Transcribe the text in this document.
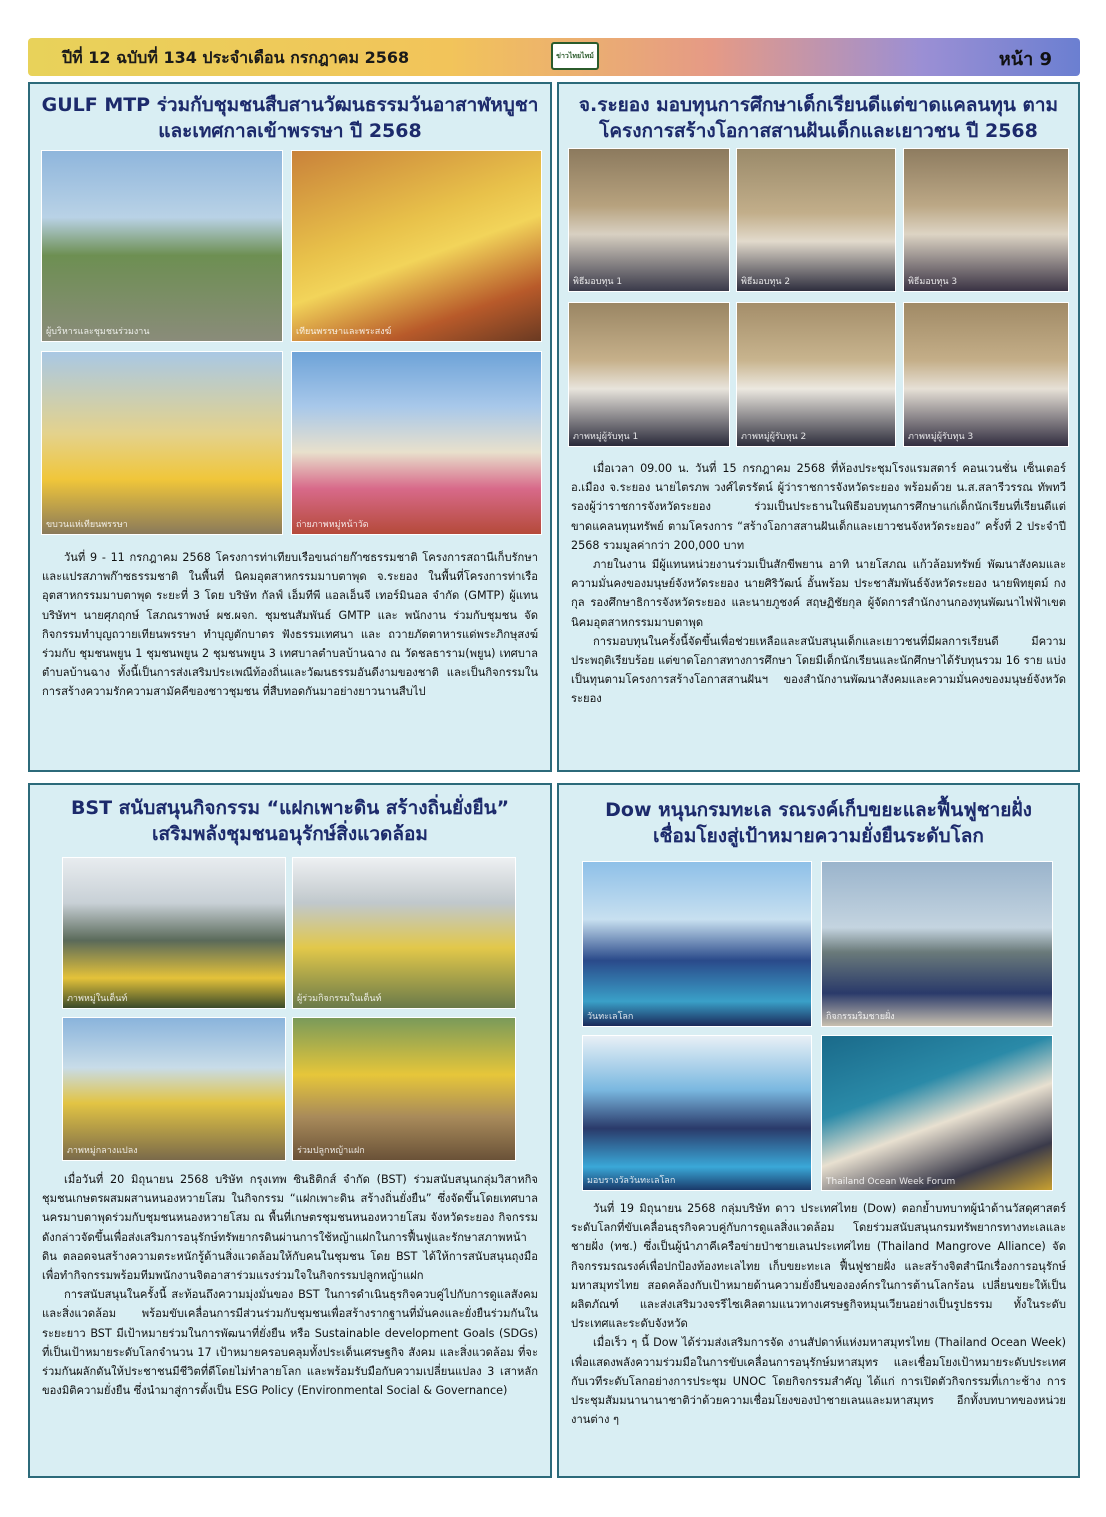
ปีที่ 12 ฉบับที่ 134 ประจำเดือน กรกฎาคม 2568	ข่าวไทยไทม์	หน้า 9
GULF MTP ร่วมกับชุมชนสืบสานวัฒนธรรมวันอาสาฬหบูชา
และเทศกาลเข้าพรรษา ปี 2568
ผู้บริหารและชุมชนร่วมงาน	เทียนพรรษาและพระสงฆ์
ขบวนแห่เทียนพรรษา	ถ่ายภาพหมู่หน้าวัด

วันที่ 9 - 11 กรกฎาคม 2568 โครงการท่าเทียบเรือขนถ่ายก๊าซธรรมชาติ โครงการสถานีเก็บรักษาและแปรสภาพก๊าซธรรมชาติ ในพื้นที่ นิคมอุตสาหกรรมมาบตาพุด จ.ระยอง ในพื้นที่โครงการท่าเรืออุตสาหกรรมมาบตาพุด ระยะที่ 3 โดย บริษัท กัลฟ์ เอ็มทีพี แอลเอ็นจี เทอร์มินอล จำกัด (GMTP) ผู้แทนบริษัทฯ นายศุภฤกษ์ โสภณราพงษ์ ผช.ผจก. ชุมชนสัมพันธ์ GMTP และ พนักงาน ร่วมกับชุมชน จัดกิจกรรมทำบุญถวายเทียนพรรษา ทำบุญตักบาตร ฟังธรรมเทศนา และ ถวายภัตตาหารแด่พระภิกษุสงฆ์ ร่วมกับ ชุมชนพยูน 1 ชุมชนพยูน 2 ชุมชนพยูน 3 เทศบาลตำบลบ้านฉาง ณ วัดชลธาราม(พยูน) เทศบาลตำบลบ้านฉาง ทั้งนี้เป็นการส่งเสริมประเพณีท้องถิ่นและวัฒนธรรมอันดีงามของชาติ และเป็นกิจกรรมในการสร้างความรักความสามัคคีของชาวชุมชน ที่สืบทอดกันมาอย่างยาวนานสืบไป

จ.ระยอง มอบทุนการศึกษาเด็กเรียนดีแต่ขาดแคลนทุน ตาม
โครงการสร้างโอกาสสานฝันเด็กและเยาวชน ปี 2568
พิธีมอบทุน 1	พิธีมอบทุน 2	พิธีมอบทุน 3
ภาพหมู่ผู้รับทุน 1	ภาพหมู่ผู้รับทุน 2	ภาพหมู่ผู้รับทุน 3

เมื่อเวลา 09.00 น. วันที่ 15 กรกฎาคม 2568 ที่ห้องประชุมโรงแรมสตาร์ คอนเวนชั่น เซ็นเตอร์ อ.เมือง จ.ระยอง นายไตรภพ วงศ์ไตรรัตน์ ผู้ว่าราชการจังหวัดระยอง พร้อมด้วย น.ส.สลารีวรรณ ทัพทวี รองผู้ว่าราชการจังหวัดระยอง ร่วมเป็นประธานในพิธีมอบทุนการศึกษาแก่เด็กนักเรียนที่เรียนดีแต่ขาดแคลนทุนทรัพย์ ตามโครงการ “สร้างโอกาสสานฝันเด็กและเยาวชนจังหวัดระยอง” ครั้งที่ 2 ประจำปี 2568 รวมมูลค่ากว่า 200,000 บาท

ภายในงาน มีผู้แทนหน่วยงานร่วมเป็นสักขีพยาน อาทิ นายโสภณ แก้วล้อมทรัพย์ พัฒนาสังคมและความมั่นคงของมนุษย์จังหวัดระยอง นายศิริวัฒน์ อั้นพร้อม ประชาสัมพันธ์จังหวัดระยอง นายพิทยุตม์ กงกุล รองศึกษาธิการจังหวัดระยอง และนายภูชงค์ สฤษฏิชัยกุล ผู้จัดการสำนักงานกองทุนพัฒนาไฟฟ้าเขตนิคมอุตสาหกรรมมาบตาพุด

การมอบทุนในครั้งนี้จัดขึ้นเพื่อช่วยเหลือและสนับสนุนเด็กและเยาวชนที่มีผลการเรียนดี มีความประพฤติเรียบร้อย แต่ขาดโอกาสทางการศึกษา โดยมีเด็กนักเรียนและนักศึกษาได้รับทุนรวม 16 ราย แบ่งเป็นทุนตามโครงการสร้างโอกาสสานฝันฯ ของสำนักงานพัฒนาสังคมและความมั่นคงของมนุษย์จังหวัดระยอง

BST สนับสนุนกิจกรรม “แฝกเพาะดิน สร้างถิ่นยั่งยืน”
เสริมพลังชุมชนอนุรักษ์สิ่งแวดล้อม
ภาพหมู่ในเต็นท์	ผู้ร่วมกิจกรรมในเต็นท์
ภาพหมู่กลางแปลง	ร่วมปลูกหญ้าแฝก

เมื่อวันที่ 20 มิถุนายน 2568 บริษัท กรุงเทพ ซินธิติกส์ จำกัด (BST) ร่วมสนับสนุนกลุ่มวิสาหกิจชุมชนเกษตรผสมผสานหนองหวายโสม ในกิจกรรม “แฝกเพาะดิน สร้างถิ่นยั่งยืน” ซึ่งจัดขึ้นโดยเทศบาลนครมาบตาพุดร่วมกับชุมชนหนองหวายโสม ณ พื้นที่เกษตรชุมชนหนองหวายโสม จังหวัดระยอง กิจกรรมดังกล่าวจัดขึ้นเพื่อส่งเสริมการอนุรักษ์ทรัพยากรดินผ่านการใช้หญ้าแฝกในการฟื้นฟูและรักษาสภาพหน้าดิน ตลอดจนสร้างความตระหนักรู้ด้านสิ่งแวดล้อมให้กับคนในชุมชน โดย BST ได้ให้การสนับสนุนถุงมือเพื่อทำกิจกรรมพร้อมทีมพนักงานจิตอาสาร่วมแรงร่วมใจในกิจกรรมปลูกหญ้าแฝก

การสนับสนุนในครั้งนี้ สะท้อนถึงความมุ่งมั่นของ BST ในการดำเนินธุรกิจควบคู่ไปกับการดูแลสังคมและสิ่งแวดล้อม พร้อมขับเคลื่อนการมีส่วนร่วมกับชุมชนเพื่อสร้างรากฐานที่มั่นคงและยั่งยืนร่วมกันในระยะยาว BST มีเป้าหมายร่วมในการพัฒนาที่ยั่งยืน หรือ Sustainable development Goals (SDGs) ที่เป็นเป้าหมายระดับโลกจำนวน 17 เป้าหมายครอบคลุมทั้งประเด็นเศรษฐกิจ สังคม และสิ่งแวดล้อม ที่จะร่วมกันผลักดันให้ประชาชนมีชีวิตที่ดีโดยไม่ทำลายโลก และพร้อมรับมือกับความเปลี่ยนแปลง 3 เสาหลัก ของมิติความยั่งยืน ซึ่งนำมาสู่การตั้งเป็น ESG Policy (Environmental Social & Governance)

Dow หนุนกรมทะเล รณรงค์เก็บขยะและฟื้นฟูชายฝั่ง
เชื่อมโยงสู่เป้าหมายความยั่งยืนระดับโลก
วันทะเลโลก	กิจกรรมริมชายฝั่ง
มอบรางวัลวันทะเลโลก	Thailand Ocean Week Forum

วันที่ 19 มิถุนายน 2568 กลุ่มบริษัท ดาว ประเทศไทย (Dow) ตอกย้ำบทบาทผู้นำด้านวัสดุศาสตร์ระดับโลกที่ขับเคลื่อนธุรกิจควบคู่กับการดูแลสิ่งแวดล้อม โดยร่วมสนับสนุนกรมทรัพยากรทางทะเลและชายฝั่ง (ทช.) ซึ่งเป็นผู้นำภาคีเครือข่ายป่าชายเลนประเทศไทย (Thailand Mangrove Alliance) จัดกิจกรรมรณรงค์เพื่อปกป้องท้องทะเลไทย เก็บขยะทะเล ฟื้นฟูชายฝั่ง และสร้างจิตสำนึกเรื่องการอนุรักษ์มหาสมุทรไทย สอดคล้องกับเป้าหมายด้านความยั่งยืนขององค์กรในการต้านโลกร้อน เปลี่ยนขยะให้เป็นผลิตภัณฑ์ และส่งเสริมวงจรรีไซเคิลตามแนวทางเศรษฐกิจหมุนเวียนอย่างเป็นรูปธรรม ทั้งในระดับประเทศและระดับจังหวัด

เมื่อเร็ว ๆ นี้ Dow ได้ร่วมส่งเสริมการจัด งานสัปดาห์แห่งมหาสมุทรไทย (Thailand Ocean Week) เพื่อแสดงพลังความร่วมมือในการขับเคลื่อนการอนุรักษ์มหาสมุทร และเชื่อมโยงเป้าหมายระดับประเทศกับเวทีระดับโลกอย่างการประชุม UNOC โดยกิจกรรมสำคัญ ได้แก่ การเปิดตัวกิจกรรมที่เกาะช้าง การประชุมสัมมนานานาชาติว่าด้วยความเชื่อมโยงของป่าชายเลนและมหาสมุทร อีกทั้งบทบาทของหน่วยงานต่าง ๆ
